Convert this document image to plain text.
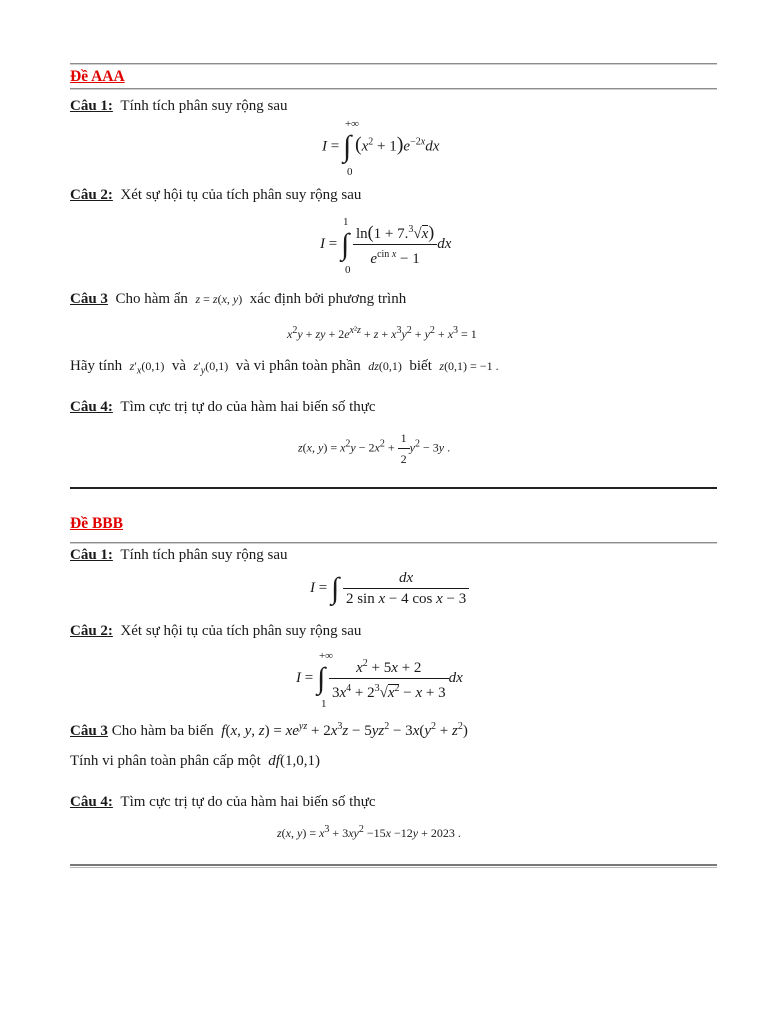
Đề AAA
Câu 1: Tính tích phân suy rộng sau
I =
+∞
∫
0
$(x^2 + 1)e^{-2x}dx$
Câu 2: Xét sự hội tụ của tích phân suy rộng sau
I =
1
∫
0

$\frac{\ln(1 + 7.^3√x)}{e^{cin x} - 1}$ dx
Câu 3 Cho hàm ẩn z = z(x, y) xác định bởi phương trình
$x^2y$ + zy + $2e^{x^2z} + z + x^3y^2 + y^2 + x^3 = 1$
Hãy tính $z'_x(0,1)$ và $z'_y(0,1)$ và vi phân toàn phần dz(0,1) biết z(0,1) = −1 .
Câu 4: Tìm cực trị tự do của hàm hai biến số thực
z(x, $y) = x^2y - 2x^2 + \frac{1}{2} y^2 - 3y$ .
Đề BBB
Câu 1: Tính tích phân suy rộng sau
I = ∫ $\frac{dx}{\text{2 sin x − 4 cos x − 3}}$
Câu 2: Xét sự hội tụ của tích phân suy rộng sau
I =
+∞
∫
1

$\frac{x^2 + 5x + 2}{3x^4 + 2^3√x^2 - x + 3}$ dx
Câu 3 Cho hàm ba biến f(x, y, $z) = xe^{yz} + 2x^3z - 5yz^2 - 3x(y^2 + z^2)$
Tính vi phân toàn phân cấp một df(1,0,1)
Câu 4: Tìm cực trị tự do của hàm hai biến số thực
z(x, $y) = x^3 + 3xy^2 -15x -12y + 2023$ .
